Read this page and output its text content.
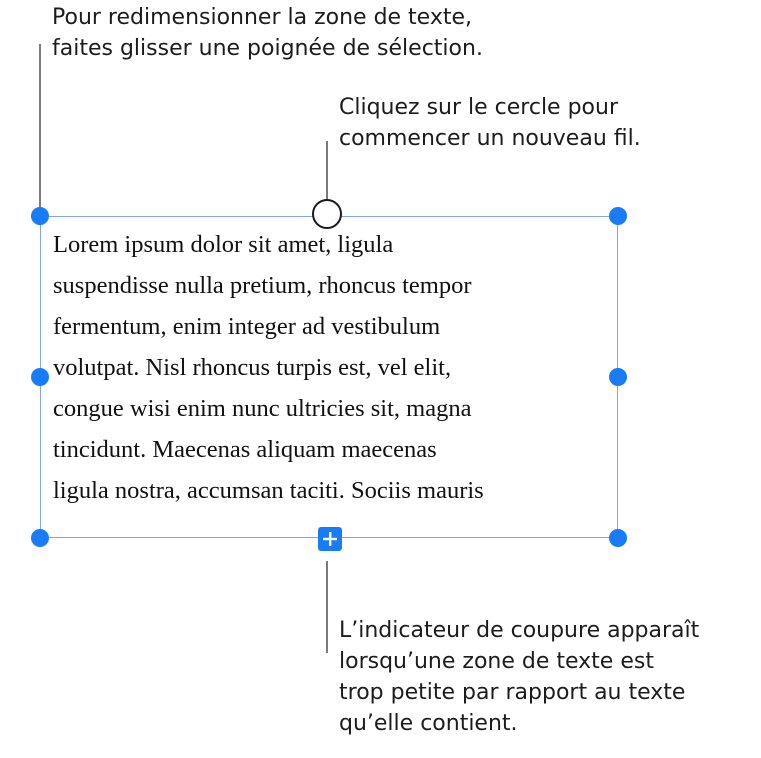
Pour redimensionner la zone de texte,
faites glisser une poignée de sélection.
Cliquez sur le cercle pour
commencer un nouveau fil.
Lorem ipsum dolor sit amet, ligula
suspendisse nulla pretium, rhoncus tempor
fermentum, enim integer ad vestibulum
volutpat. Nisl rhoncus turpis est, vel elit,
congue wisi enim nunc ultricies sit, magna
tincidunt. Maecenas aliquam maecenas
ligula nostra, accumsan taciti. Sociis mauris
L’indicateur de coupure apparaît
lorsqu’une zone de texte est
trop petite par rapport au texte
qu’elle contient.
